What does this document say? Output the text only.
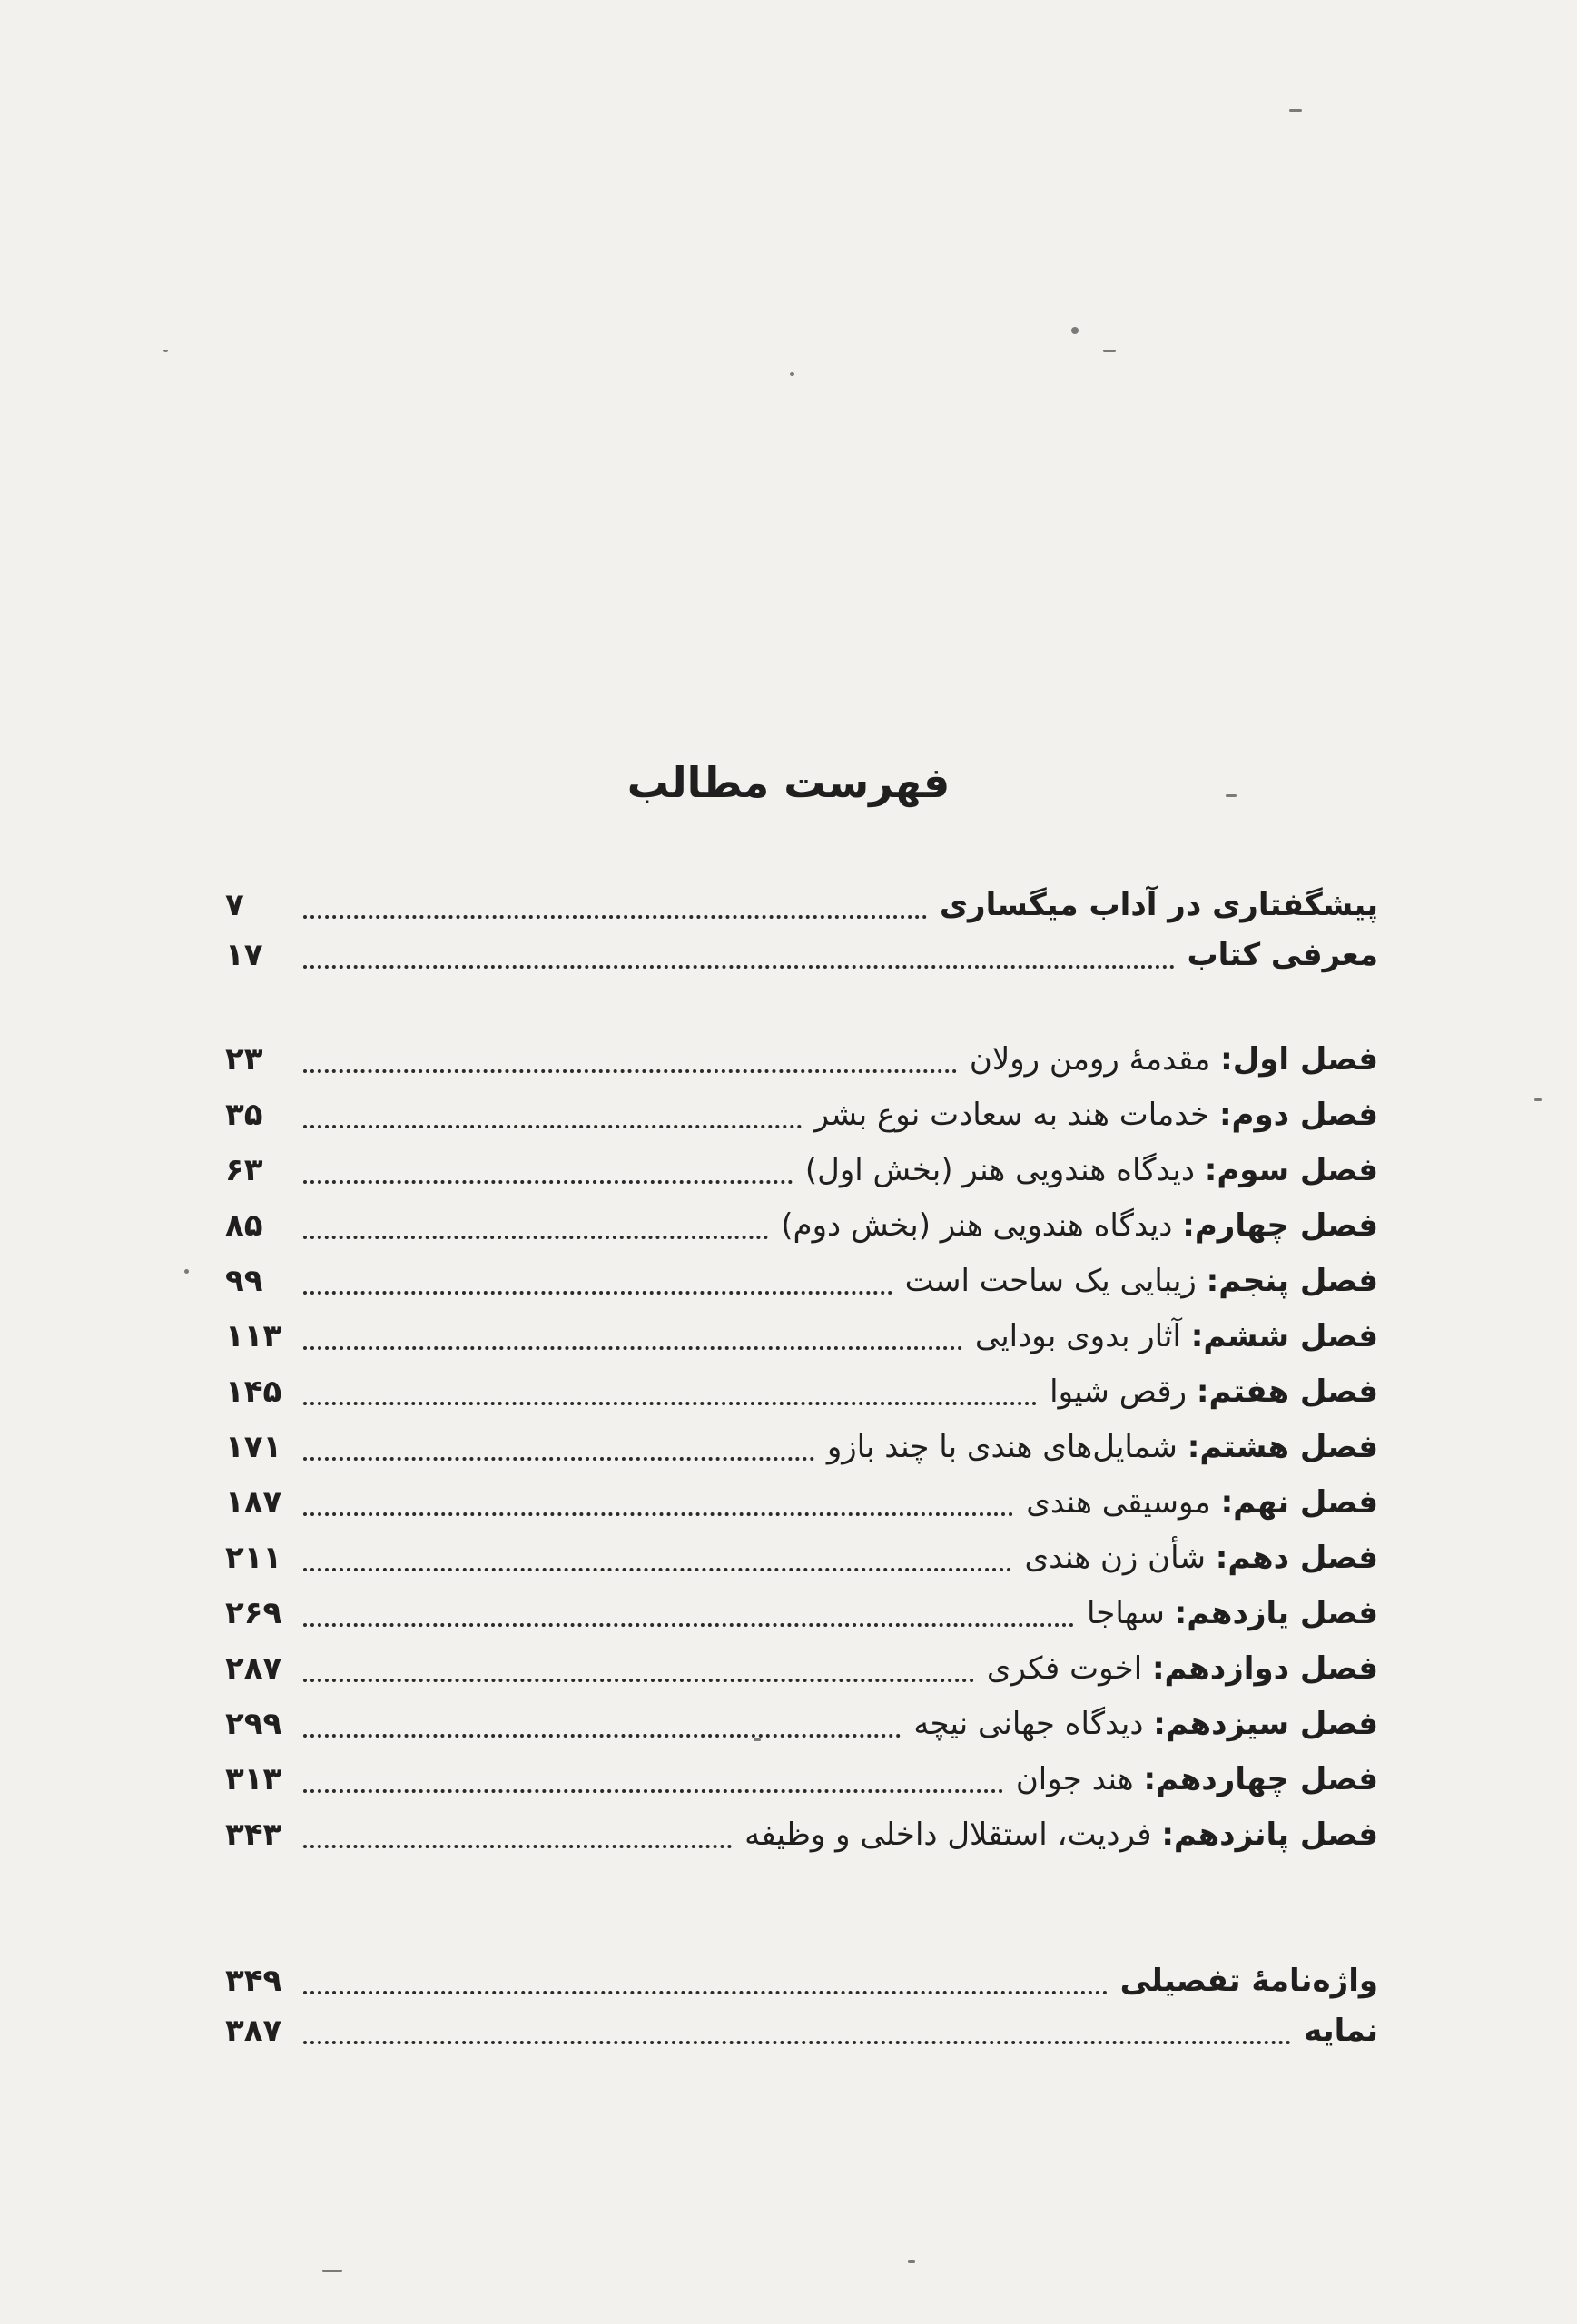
فهرست مطالب
پیشگفتاری در آداب میگساری
۷
معرفی کتاب
۱۷
فصل اول: مقدمهٔ رومن رولان
۲۳
فصل دوم: خدمات هند به سعادت نوع بشر
۳۵
فصل سوم: دیدگاه هندویی هنر (بخش اول)
۶۳
فصل چهارم: دیدگاه هندویی هنر (بخش دوم)
۸۵
فصل پنجم: زیبایی یک ساحت است
۹۹
فصل ششم: آثار بدوی بودایی
۱۱۳
فصل هفتم: رقص شیوا
۱۴۵
فصل هشتم: شمایل‌های هندی با چند بازو
۱۷۱
فصل نهم: موسیقی هندی
۱۸۷
فصل دهم: شأن زن هندی
۲۱۱
فصل یازدهم: سهاجا
۲۶۹
فصل دوازدهم: اخوت فکری
۲۸۷
فصل سیزدهم: دیدگاه جهانی نیچه
۲۹۹
فصل چهاردهم: هند جوان
۳۱۳
فصل پانزدهم: فردیت، استقلال داخلی و وظیفه
۳۴۳
واژه‌نامهٔ تفصیلی
۳۴۹
نمایه
۳۸۷
